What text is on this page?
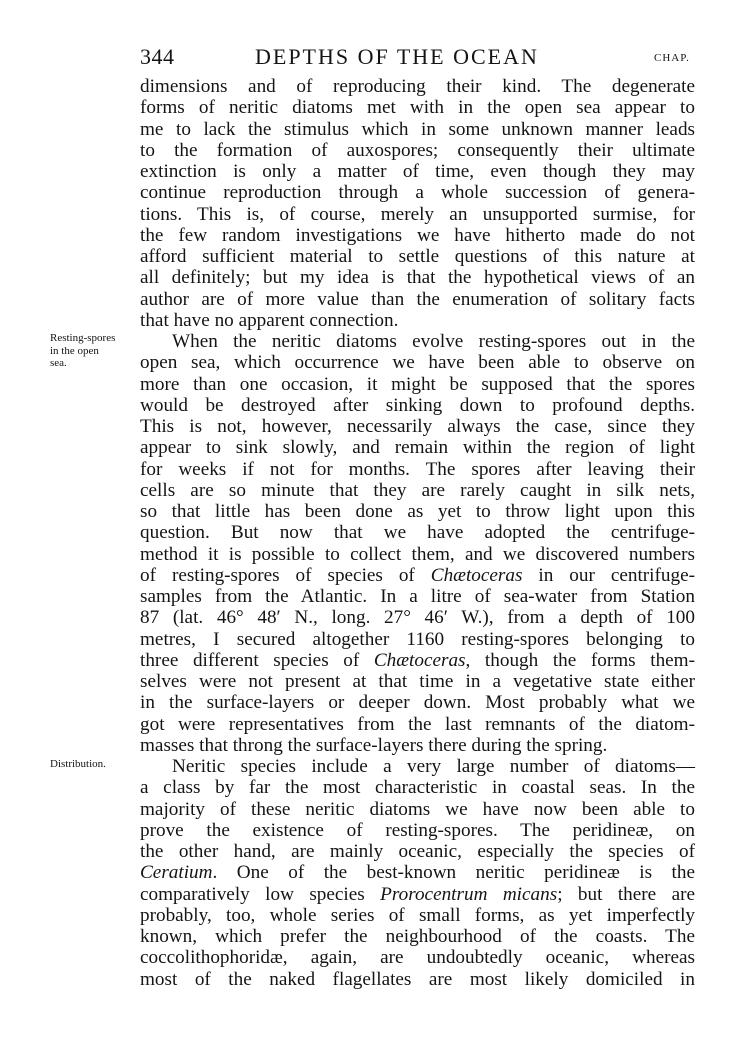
344	DEPTHS OF THE OCEAN	CHAP.
Resting-spores
in the open
sea.
Distribution.
dimensions and of reproducing their kind. The degenerate
forms of neritic diatoms met with in the open sea appear to
me to lack the stimulus which in some unknown manner leads
to the formation of auxospores; consequently their ultimate
extinction is only a matter of time, even though they may
continue reproduction through a whole succession of genera-
tions. This is, of course, merely an unsupported surmise, for
the few random investigations we have hitherto made do not
afford sufficient material to settle questions of this nature at
all definitely; but my idea is that the hypothetical views of an
author are of more value than the enumeration of solitary facts
that have no apparent connection.
When the neritic diatoms evolve resting-spores out in the
open sea, which occurrence we have been able to observe on
more than one occasion, it might be supposed that the spores
would be destroyed after sinking down to profound depths.
This is not, however, necessarily always the case, since they
appear to sink slowly, and remain within the region of light
for weeks if not for months. The spores after leaving their
cells are so minute that they are rarely caught in silk nets,
so that little has been done as yet to throw light upon this
question. But now that we have adopted the centrifuge-
method it is possible to collect them, and we discovered numbers
of resting-spores of species of Chætoceras in our centrifuge-
samples from the Atlantic. In a litre of sea-water from Station
87 (lat. 46° 48′ N., long. 27° 46′ W.), from a depth of 100
metres, I secured altogether 1160 resting-spores belonging to
three different species of Chætoceras, though the forms them-
selves were not present at that time in a vegetative state either
in the surface-layers or deeper down. Most probably what we
got were representatives from the last remnants of the diatom-
masses that throng the surface-layers there during the spring.
Neritic species include a very large number of diatoms—
a class by far the most characteristic in coastal seas. In the
majority of these neritic diatoms we have now been able to
prove the existence of resting-spores. The peridineæ, on
the other hand, are mainly oceanic, especially the species of
Ceratium. One of the best-known neritic peridineæ is the
comparatively low species Prorocentrum micans; but there are
probably, too, whole series of small forms, as yet imperfectly
known, which prefer the neighbourhood of the coasts. The
coccolithophoridæ, again, are undoubtedly oceanic, whereas
most of the naked flagellates are most likely domiciled in
